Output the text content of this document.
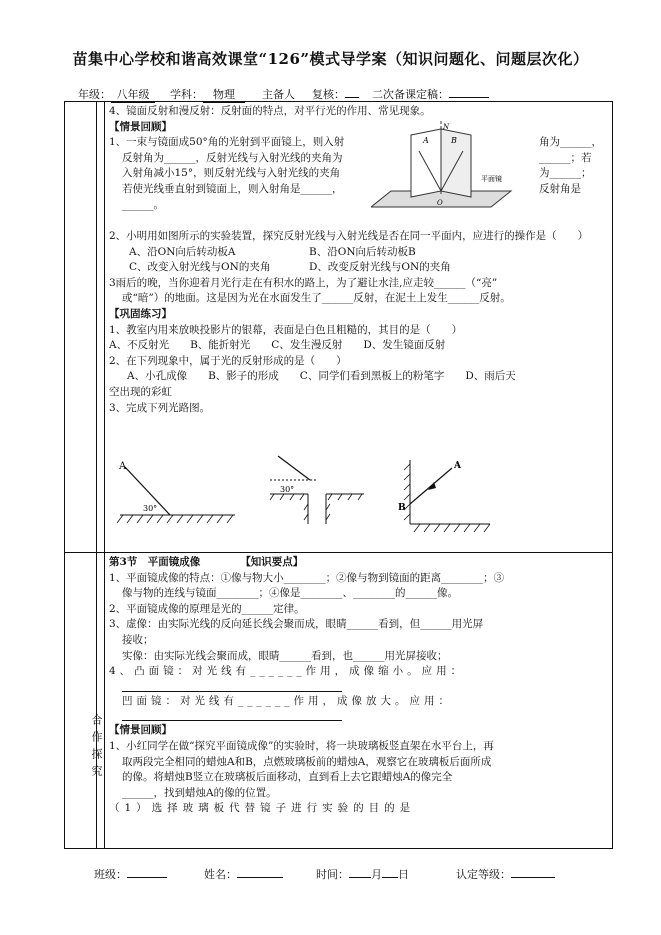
苗集中心学校和谐高效课堂“126”模式导学案（知识问题化、问题层次化）
年级： 八年级 学科： 物理 主备人 复核： 二次备课定稿：
合作探究

4、镜面反射和漫反射：反射面的特点，对平行光的作用、常见现象。

【情景回顾】

1、一束与镜面成50°角的光射到平面镜上，则入射

反射角为______，反射光线与入射光线的夹角为

入射角减小15°，则反射光线与入射光线的夹角

若使光线垂直射到镜面上，则入射角是______，

______。

角为______，

______；若

为______；

反射角是

A	B
N
O
平面镜

2、小明用如图所示的实验装置，探究反射光线与入射光线是否在同一平面内，应进行的操作是（　　）

A、沿ON向后转动板A	B、沿ON向后转动板B
C、改变入射光线与ON的夹角	D、改变反射光线与ON的夹角

3雨后的晚，当你迎着月光行走在有积水的路上，为了避让水洼,应走较______（“亮”

或“暗”）的地面。这是因为光在水面发生了______反射，在泥土上发生______反射。

【巩固练习】

1、教室内用来放映投影片的银幕，表面是白色且粗糙的，其目的是（　　）

A、不反射光　　B、能折射光　　C、发生漫反射　　D、发生镜面反射

2、在下列现象中，属于光的反射形成的是（　　）

A、小孔成像　　B、影子的形成　　C、同学们看到黑板上的粉笔字　　D、雨后天

空出现的彩虹

3、完成下列光路图。

A
30°
30°
A
B

第3节　平面镜成像	【知识要点】

1、平面镜成像的特点：①像与物大小________；②像与物到镜面的距离________；③

像与物的连线与镜面________；④像是________、________的______像。

2、平面镜成像的原理是光的______定律。

3、虚像：由实际光线的反向延长线会聚而成，眼睛______看到，但______用光屏

接收；

实像：由实际光线会聚而成，眼睛______看到，也______用光屏接收；

4、凸面镜：对光线有______作用，成像缩小。应用：

凹面镜：对光线有______作用，成像放大。应用：

【情景回顾】

1、小红同学在做“探究平面镜成像”的实验时，将一块玻璃板竖直架在水平台上，再

取两段完全相同的蜡烛A和B，点燃玻璃板前的蜡烛A，观察它在玻璃板后面所成

的像。将蜡烛B竖立在玻璃板后面移动，直到看上去它跟蜡烛A的像完全

______，找到蜡烛A的像的位置。

（1）选择玻璃板代替镜子进行实验的目的是

班级：	姓名：	时间： 月 日	认定等级：
